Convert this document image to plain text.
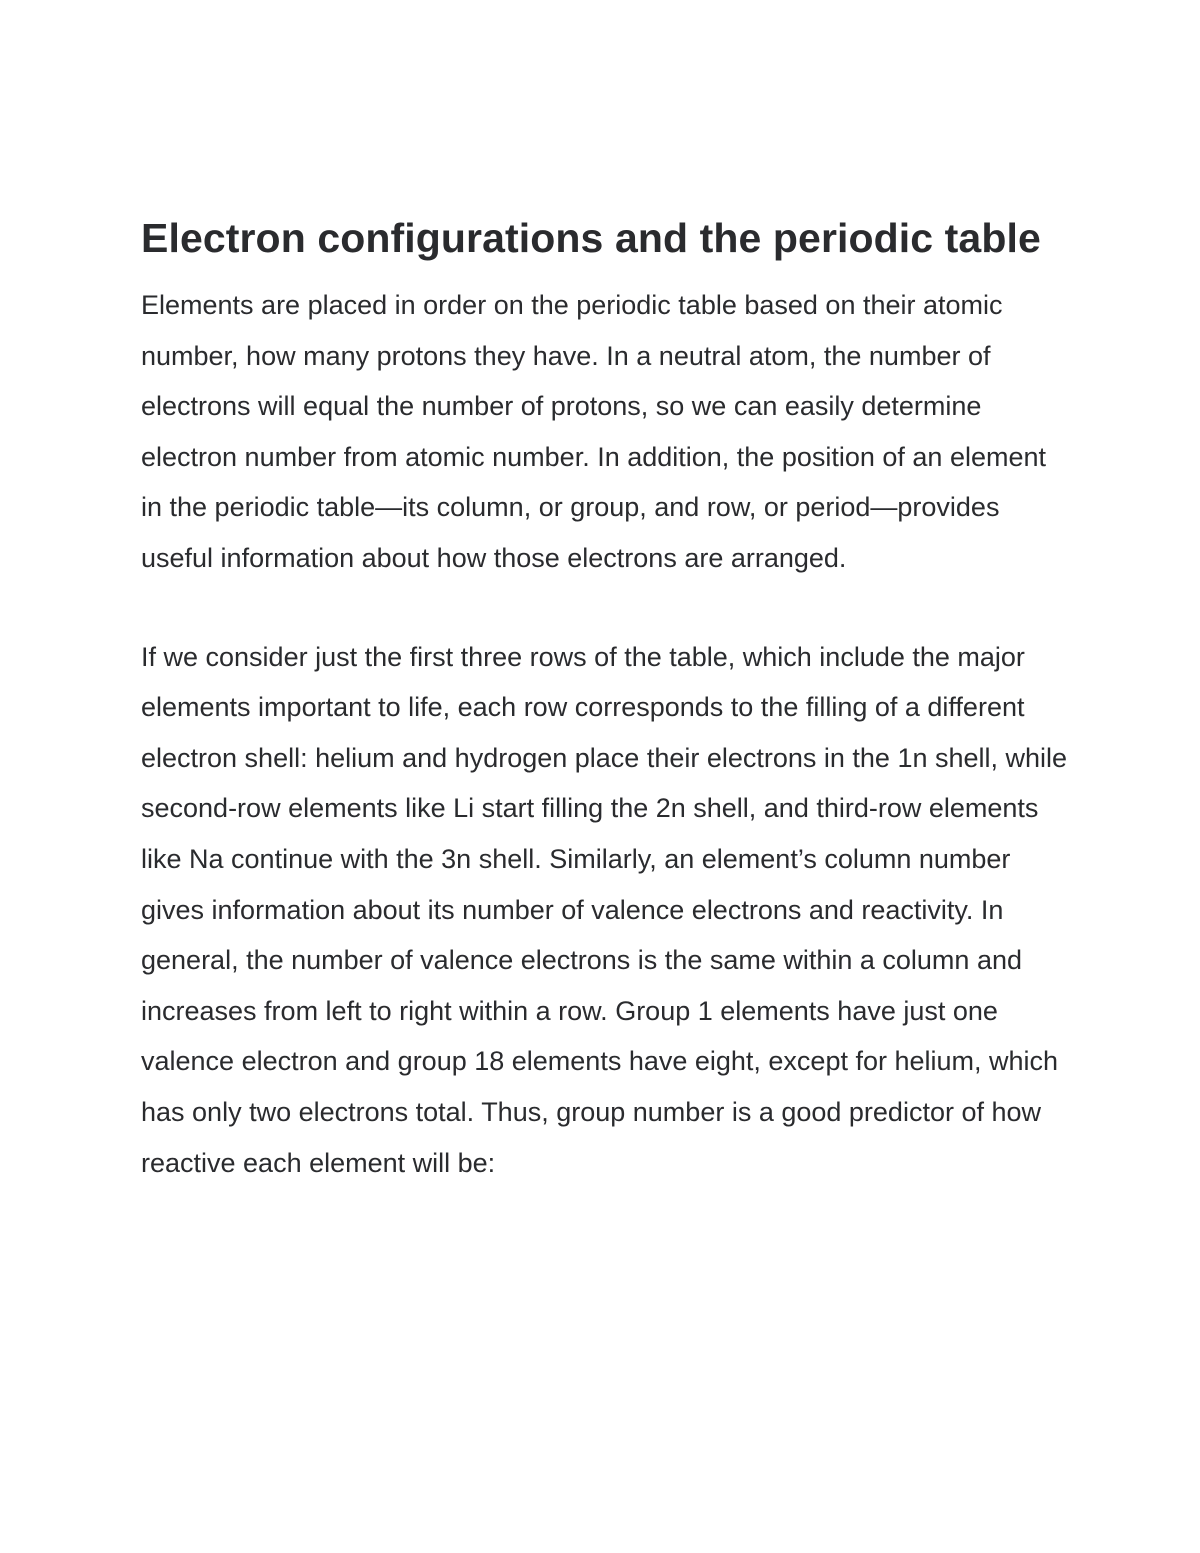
Electron configurations and the periodic table

Elements are placed in order on the periodic table based on their atomic number, how many protons they have. In a neutral atom, the number of electrons will equal the number of protons, so we can easily determine electron number from atomic number. In addition, the position of an element in the periodic table—its column, or group, and row, or period—provides useful information about how those electrons are arranged.

If we consider just the first three rows of the table, which include the major elements important to life, each row corresponds to the filling of a different electron shell: helium and hydrogen place their electrons in the 1n shell, while second-row elements like Li start filling the 2n shell, and third-row elements like Na continue with the 3n shell. Similarly, an element’s column number gives information about its number of valence electrons and reactivity. In general, the number of valence electrons is the same within a column and increases from left to right within a row. Group 1 elements have just one valence electron and group 18 elements have eight, except for helium, which has only two electrons total. Thus, group number is a good predictor of how reactive each element will be:
